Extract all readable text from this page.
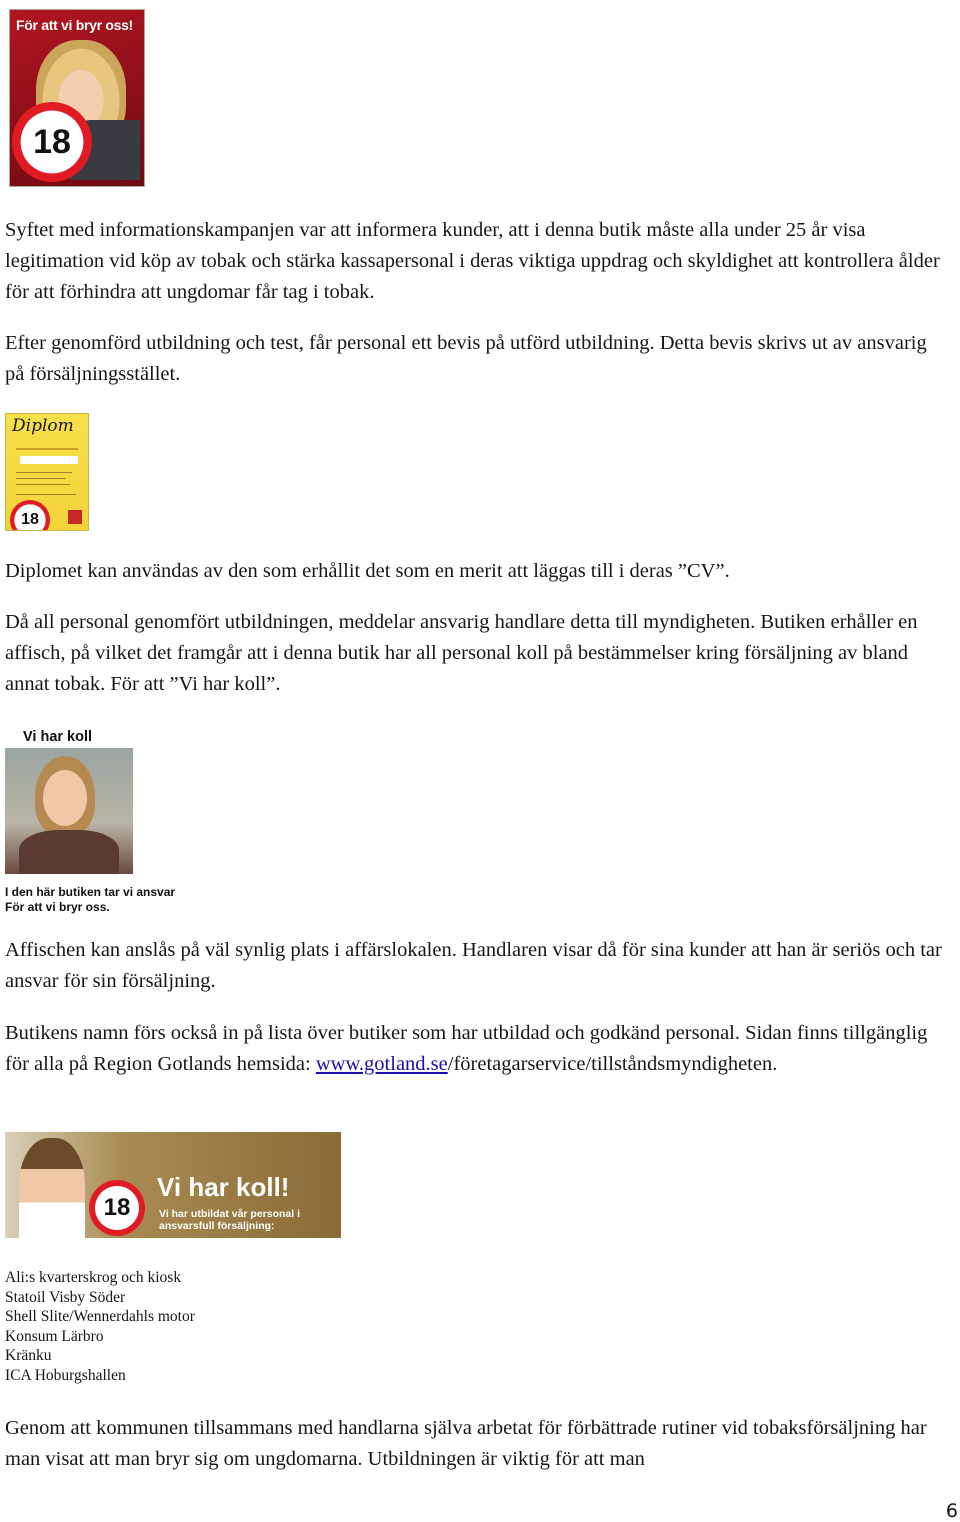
För att vi bryr oss!
18
Visa leg.

Syftet med informationskampanjen var att informera kunder, att i denna butik måste alla under 25 år visa legitimation vid köp av tobak och stärka kassapersonal i deras viktiga uppdrag och skyldighet att kontrollera ålder för att förhindra att ungdomar får tag i tobak.

Efter genomförd utbildning och test, får personal ett bevis på utförd utbildning. Detta bevis skrivs ut av ansvarig på försäljningsstället.

Diplom
18

Diplomet kan användas av den som erhållit det som en merit att läggas till i deras ”CV”.

Då all personal genomfört utbildningen, meddelar ansvarig handlare detta till myndigheten. Butiken erhåller en affisch, på vilket det framgår att i denna butik har all personal koll på bestämmelser kring försäljning av bland annat tobak. För att ”Vi har koll”.

Vi har koll
I den här butiken tar vi ansvar
För att vi bryr oss.

Affischen kan anslås på väl synlig plats i affärslokalen. Handlaren visar då för sina kunder att han är seriös och tar ansvar för sin försäljning.

Butikens namn förs också in på lista över butiker som har utbildad och godkänd personal. Sidan finns tillgänglig för alla på Region Gotlands hemsida: www.gotland.se/företagarservice/tillståndsmyndigheten.

18
Vi har koll!
Vi har utbildat vår personal i ansvarsfull försäljning:
Ali:s kvarterskrog och kiosk
Statoil Visby Söder
Shell Slite/Wennerdahls motor
Konsum Lärbro
Kränku
ICA Hoburgshallen

Genom att kommunen tillsammans med handlarna själva arbetat för förbättrade rutiner vid tobaksförsäljning har man visat att man bryr sig om ungdomarna. Utbildningen är viktig för att man

6
